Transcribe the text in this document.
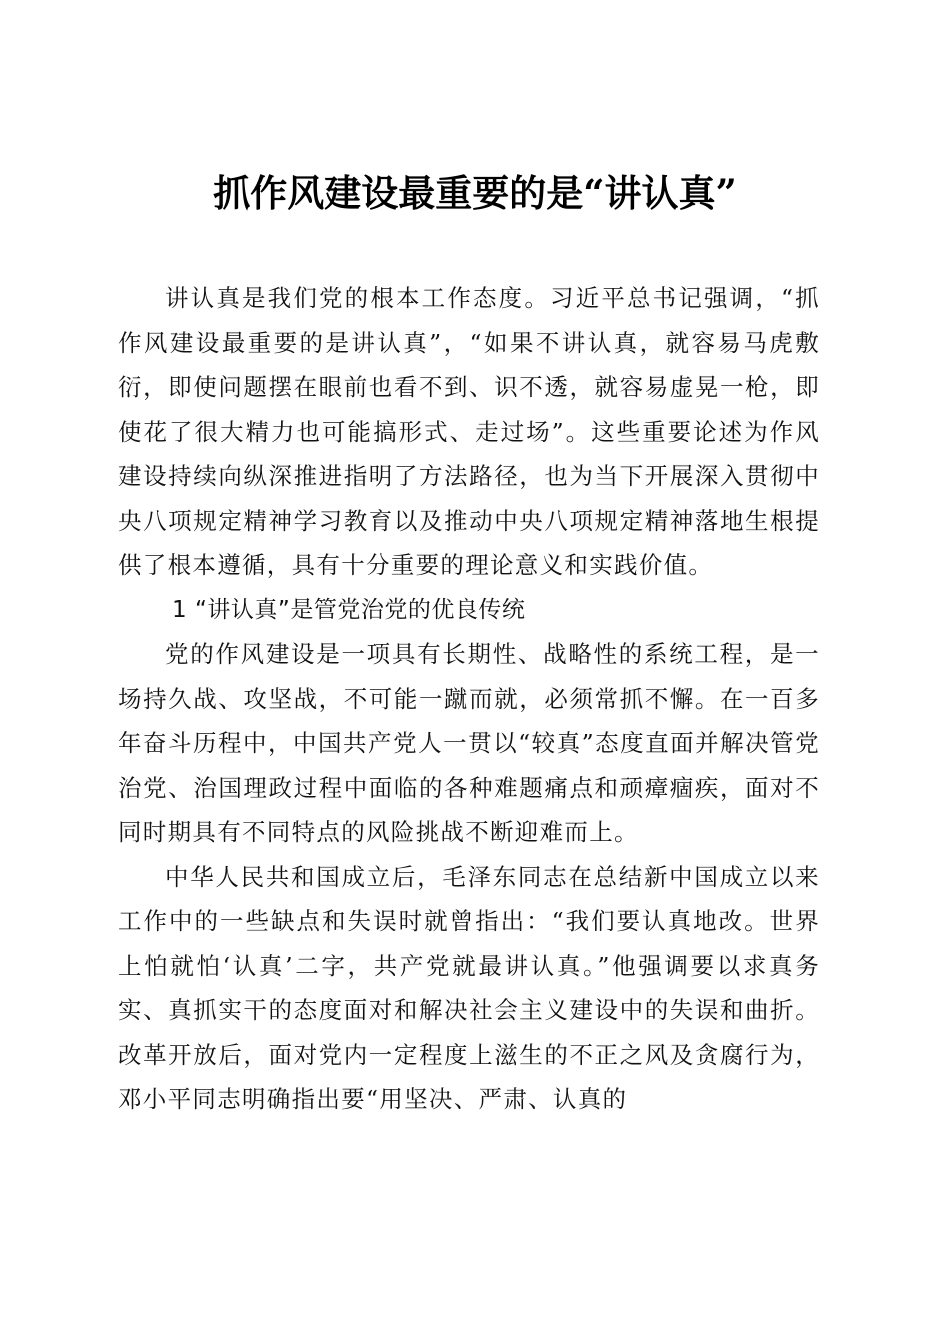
抓作风建设最重要的是“讲认真”

讲认真是我们党的根本工作态度。习近平总书记强调，“抓作风建设最重要的是讲认真”，“如果不讲认真，就容易马虎敷衍，即使问题摆在眼前也看不到、识不透，就容易虚晃一枪，即使花了很大精力也可能搞形式、走过场”。这些重要论述为作风建设持续向纵深推进指明了方法路径，也为当下开展深入贯彻中央八项规定精神学习教育以及推动中央八项规定精神落地生根提供了根本遵循，具有十分重要的理论意义和实践价值。

1 “讲认真”是管党治党的优良传统

党的作风建设是一项具有长期性、战略性的系统工程，是一场持久战、攻坚战，不可能一蹴而就，必须常抓不懈。在一百多年奋斗历程中，中国共产党人一贯以“较真”态度直面并解决管党治党、治国理政过程中面临的各种难题痛点和顽瘴痼疾，面对不同时期具有不同特点的风险挑战不断迎难而上。

中华人民共和国成立后，毛泽东同志在总结新中国成立以来工作中的一些缺点和失误时就曾指出：“我们要认真地改。世界上怕就怕‘认真’二字，共产党就最讲认真。”他强调要以求真务实、真抓实干的态度面对和解决社会主义建设中的失误和曲折。改革开放后，面对党内一定程度上滋生的不正之风及贪腐行为，邓小平同志明确指出要“用坚决、严肃、认真的
